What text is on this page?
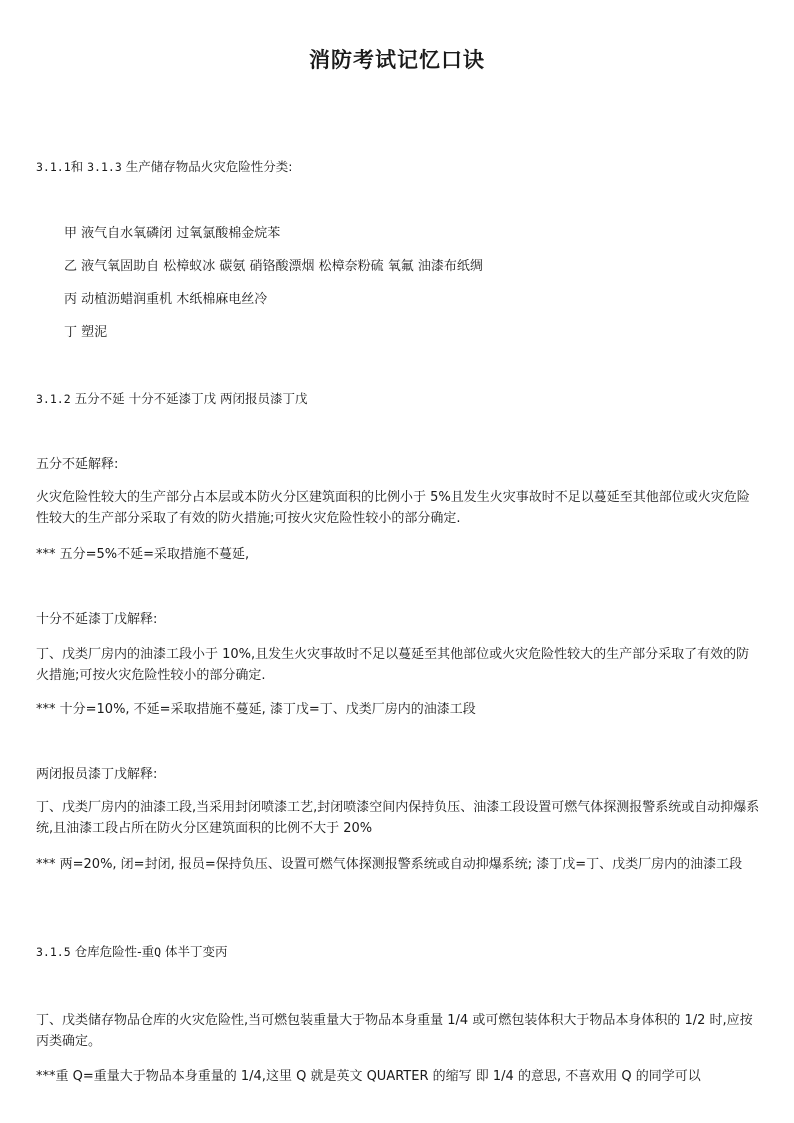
消防考试记忆口诀
3.1.1和 3.1.3 生产储存物品火灾危险性分类:
甲 液气自水氧磷闭 过氧氯酸棉金烷苯
乙 液气氧固助自 松樟蚁冰 碳氨 硝铬酸漂烟 松樟奈粉硫 氧氟 油漆布纸绸
丙 动植沥蜡润重机 木纸棉麻电丝冷
丁 塑泥
3.1.2 五分不延 十分不延漆丁戊 两闭报员漆丁戊
五分不延解释:
火灾危险性较大的生产部分占本层或本防火分区建筑面积的比例小于 5%且发生火灾事故时不足以蔓延至其他部位或火灾危险性较大的生产部分采取了有效的防火措施;可按火灾危险性较小的部分确定.
*** 五分=5%不延=采取措施不蔓延,
十分不延漆丁戊解释:
丁、戊类厂房内的油漆工段小于 10%,且发生火灾事故时不足以蔓延至其他部位或火灾危险性较大的生产部分采取了有效的防火措施;可按火灾危险性较小的部分确定.
*** 十分=10%, 不延=采取措施不蔓延, 漆丁戊=丁、戊类厂房内的油漆工段
两闭报员漆丁戊解释:
丁、戊类厂房内的油漆工段,当采用封闭喷漆工艺,封闭喷漆空间内保持负压、油漆工段设置可燃气体探测报警系统或自动抑爆系统,且油漆工段占所在防火分区建筑面积的比例不大于 20%
*** 两=20%, 闭=封闭, 报员=保持负压、设置可燃气体探测报警系统或自动抑爆系统; 漆丁戊=丁、戊类厂房内的油漆工段
3.1.5 仓库危险性-重Q 体半丁变丙
丁、戊类储存物品仓库的火灾危险性,当可燃包装重量大于物品本身重量 1/4 或可燃包装体积大于物品本身体积的 1/2 时,应按丙类确定。
***重 Q=重量大于物品本身重量的 1/4,这里 Q 就是英文 QUARTER 的缩写 即 1/4 的意思, 不喜欢用 Q 的同学可以
